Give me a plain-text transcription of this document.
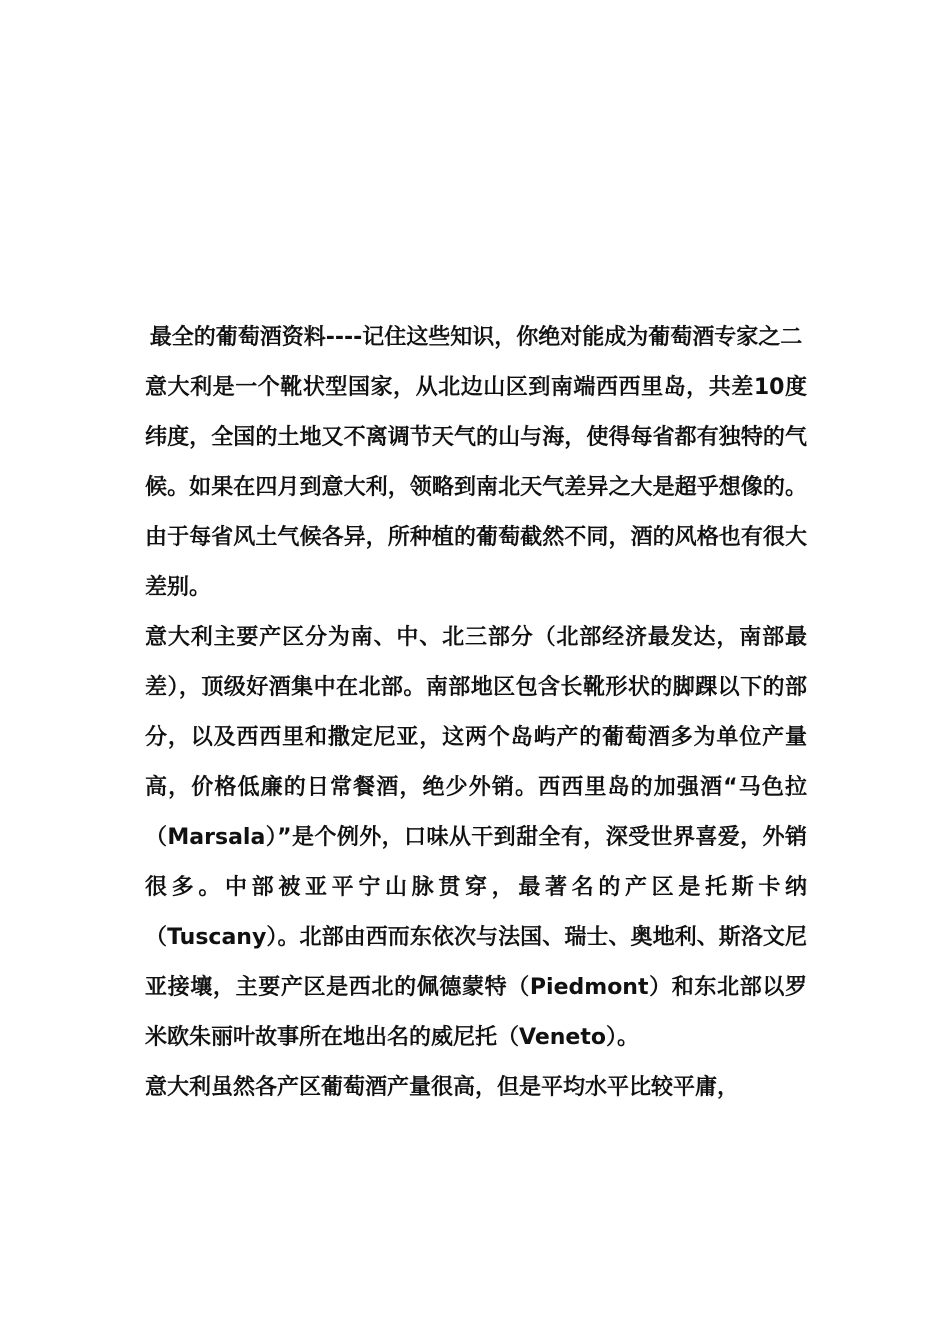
最全的葡萄酒资料----记住这些知识，你绝对能成为葡萄酒专家之二

意大利是一个靴状型国家，从北边山区到南端西西里岛，共差10度纬度，全国的土地又不离调节天气的山与海，使得每省都有独特的气候。如果在四月到意大利，领略到南北天气差异之大是超乎想像的。由于每省风土气候各异，所种植的葡萄截然不同，酒的风格也有很大差别。

意大利主要产区分为南、中、北三部分（北部经济最发达，南部最差），顶级好酒集中在北部。南部地区包含长靴形状的脚踝以下的部分，以及西西里和撒定尼亚，这两个岛屿产的葡萄酒多为单位产量高，价格低廉的日常餐酒，绝少外销。西西里岛的加强酒“马色拉（Marsala）”是个例外，口味从干到甜全有，深受世界喜爱，外销很多。中部被亚平宁山脉贯穿，最著名的产区是托斯卡纳（Tuscany）。北部由西而东依次与法国、瑞士、奥地利、斯洛文尼亚接壤，主要产区是西北的佩德蒙特（Piedmont）和东北部以罗米欧朱丽叶故事所在地出名的威尼托（Veneto）。

意大利虽然各产区葡萄酒产量很高，但是平均水平比较平庸，
